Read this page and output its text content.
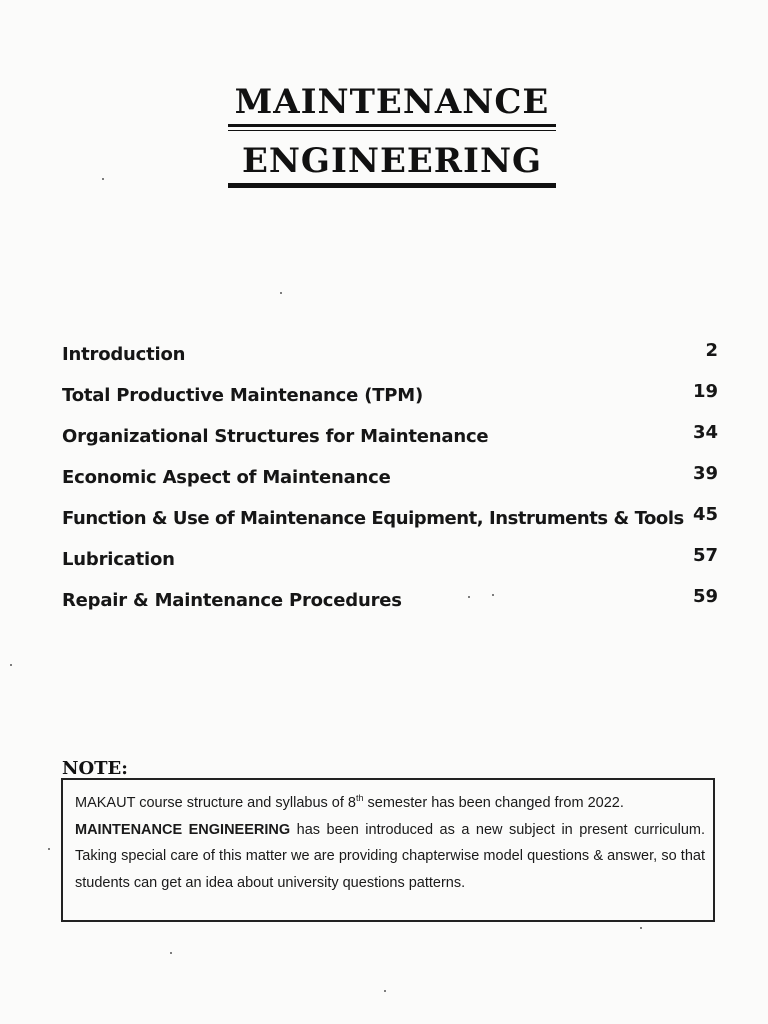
MAINTENANCE
ENGINEERING
Introduction	2
Total Productive Maintenance (TPM)	19
Organizational Structures for Maintenance	34
Economic Aspect of Maintenance	39
Function & Use of Maintenance Equipment, Instruments & Tools 45
Lubrication	57
Repair & Maintenance Procedures	59
NOTE:
MAKAUT course structure and syllabus of 8th semester has been changed from 2022.
MAINTENANCE ENGINEERING has been introduced as a new subject in present curriculum. Taking special care of this matter we are providing chapterwise model questions & answer, so that students can get an idea about university questions patterns.
